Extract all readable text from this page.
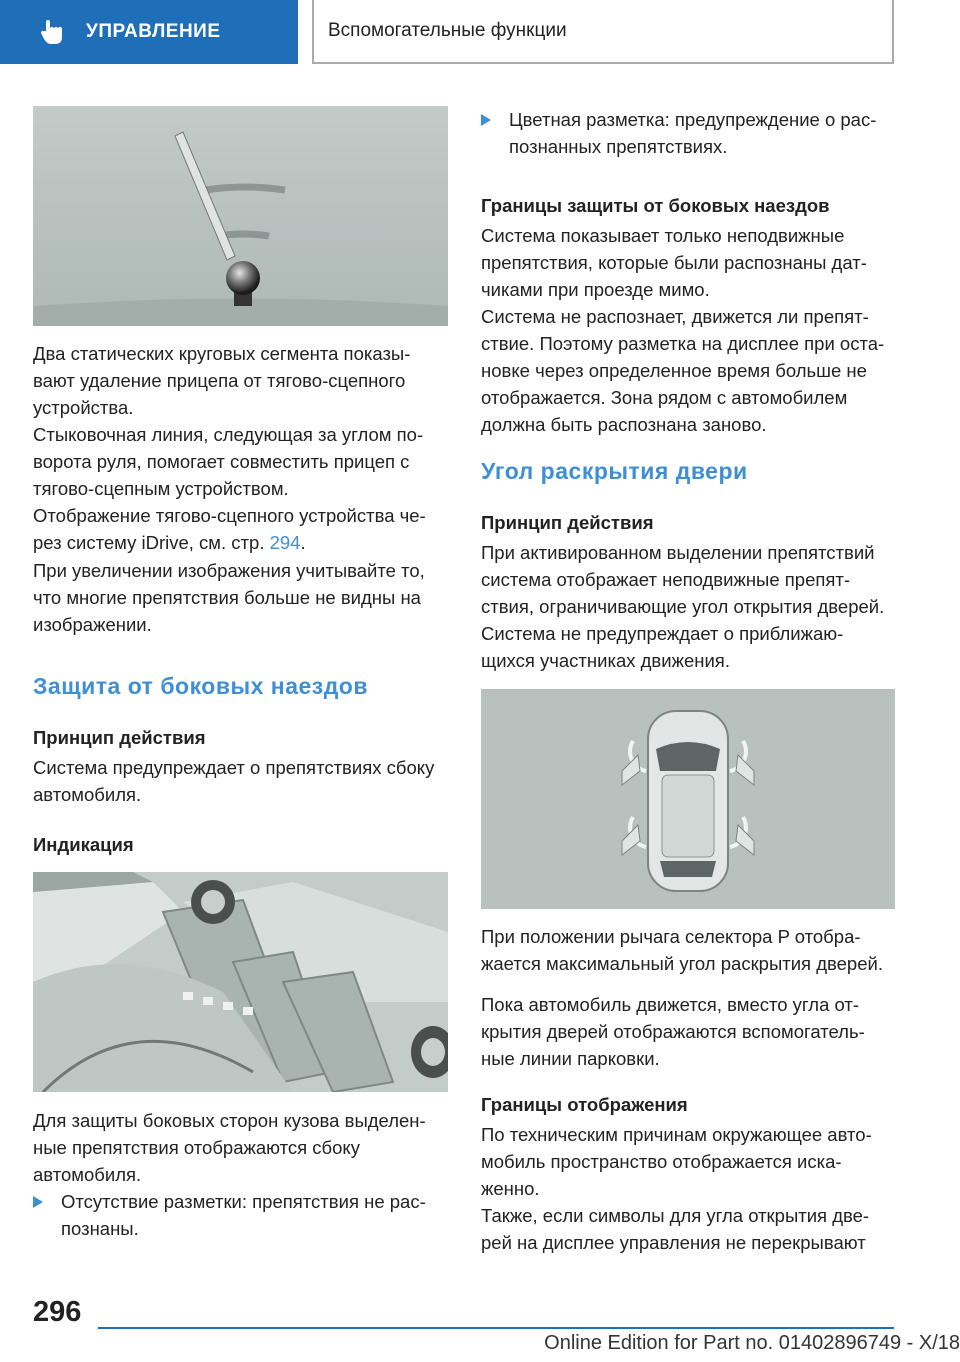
УПРАВЛЕНИЕ	Вспомогательные функции

Два статических круговых сегмента показы-
вают удаление прицепа от тягово-сцепного
устройства.

Стыковочная линия, следующая за углом по-
ворота руля, помогает совместить прицеп с
тягово-сцепным устройством.

Отображение тягово-сцепного устройства че-
рез систему iDrive, см. стр. 294.

При увеличении изображения учитывайте то,
что многие препятствия больше не видны на
изображении.

Защита от боковых наездов
Принцип действия

Система предупреждает о препятствиях сбоку
автомобиля.

Индикация

Для защиты боковых сторон кузова выделен-
ные препятствия отображаются сбоку
автомобиля.

Отсутствие разметки: препятствия не рас-
познаны.
Цветная разметка: предупреждение о рас-
познанных препятствиях.
Границы защиты от боковых наездов

Система показывает только неподвижные
препятствия, которые были распознаны дат-
чиками при проезде мимо.

Система не распознает, движется ли препят-
ствие. Поэтому разметка на дисплее при оста-
новке через определенное время больше не
отображается. Зона рядом с автомобилем
должна быть распознана заново.

Угол раскрытия двери
Принцип действия

При активированном выделении препятствий
система отображает неподвижные препят-
ствия, ограничивающие угол открытия дверей.

Система не предупреждает о приближаю-
щихся участниках движения.

При положении рычага селектора P отобра-
жается максимальный угол раскрытия дверей.

Пока автомобиль движется, вместо угла от-
крытия дверей отображаются вспомогатель-
ные линии парковки.

Границы отображения

По техническим причинам окружающее авто-
мобиль пространство отображается иска-
женно.

Также, если символы для угла открытия две-
рей на дисплее управления не перекрывают

296
Online Edition for Part no. 01402896749 - X/18
